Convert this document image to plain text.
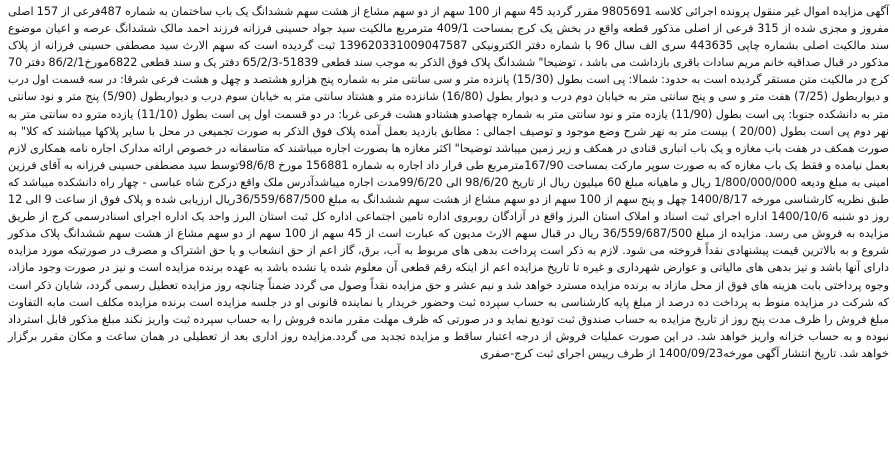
آگهی مزایده اموال غیر منقول پرونده اجرائی کلاسه 9805691 مقرر گردید 45 سهم از 100 سهم از دو سهم مشاع از هشت سهم ششدانگ یک باب ساختمان به شماره 487فرعی از 157 اصلی مفروز و مجزی شده از 315 فرعی از اصلی مذکور قطعه واقع در بخش یک کرج بمساحت 409/1 مترمربع مالکیت سید جواد حسینی فرزانه فرزند احمد مالک ششدانگ عرصه و اعیان موضوع سند مالکیت اصلی بشماره چاپی 443635 سری الف سال 96 با شماره دفتر الکترونیکی 139620331009047587 ثبت گردیده است که سهم الارث سید مصطفی حسینی فرزانه از پلاک مذکور در قبال صداقیه خانم مریم سادات باقری بازداشت می باشد ، توضیحا" ششدانگ پلاک فوق الذکر به موجب سند قطعی 51839-65/2/3 دفتر یک و سند قطعی 6822مورخ86/2/1 دفتر 70 کرج در مالکیت متن مستقر گردیده است به حدود: شمالا: پی است بطول (15/30) پانزده متر و سی سانتی متر به شماره پنج هزارو هشتصد و چهل و هشت فرعی شرقا: در سه قسمت اول درب و دیواربطول (7/25) هفت متر و سی و پنج سانتی متر به خیابان دوم درب و دیوار بطول (16/80) شانزده متر و هشتاد سانتی متر به خیابان سوم درب و دیواربطول (5/90) پنج متر و نود سانتی متر به دانشکده جنوبا: پی است بطول (11/90) یازده متر و نود سانتی متر به شماره چهاصدو هشتادو هشت فرعی غربا: در دو قسمت اول پی است بطول (11/10) یازده مترو ده سانتی متر به نهر دوم پی است بطول (20/00 ) بیست متر به نهر شرح وضع موجود و توصیف اجمالی : مطابق بازدید بعمل آمده پلاک فوق الذکر به صورت تجمیعی در محل با سایر پلاکها میباشند که کلا" به صورت همکف در هفت باب مغازه و یک باب انباری قنادی در همکف و زیر زمین میباشد توضیحا" اکثر مغازه ها بصورت اجاره میباشند که متاسفانه در خصوص ارائه مدارک اجاره نامه همکاری لازم بعمل نیامده و فقط یک باب مغازه که به صورت سوپر مارکت بمساحت 167/90مترمربع طی قرار داد اجاره به شماره 156881 مورخ 98/6/8توسط سید مصطفی حسینی فرزانه به آقای فرزین امینی به مبلغ ودیعه 1/800/000/000 ریال و ماهیانه مبلغ 60 میلیون ریال از تاریخ 98/6/20 الی 99/6/20مدت اجاره میباشدآدرس ملک واقع درکرج شاه عباسی - چهار راه دانشکده میباشد که طبق نظریه کارشناسی مورخه 1400/8/17 چهل و پنج سهم از 100 سهم از دو سهم مشاع از هشت سهم ششدانگ به مبلغ 36/559/687/500ریال ارزیابی شده و پلاک فوق از ساعت 9 الی 12 روز دو شنبه 1400/10/6 اداره اجرای ثبت اسناد و املاک استان البرز واقع در آزادگان روبروی اداره تامین اجتماعی اداره کل ثبت استان البرز واحد یک اداره اجرای اسنادرسمی کرج از طریق مزایده به فروش می رسد. مزایده از مبلغ 36/559/687/500 ریال در قبال سهم الارث مدیون که عبارت است از 45 سهم از 100 سهم از دو سهم مشاع از هشت سهم ششدانگ پلاک مذکور شروع و به بالاترین قیمت پیشنهادی نقداً فروخته می شود. لازم به ذکر است پرداخت بدهی های مربوط به آب، برق، گاز اعم از حق انشعاب و یا حق اشتراک و مصرف در صورتیکه مورد مزایده دارای آنها باشد و نیز بدهی های مالیاتی و عوارض شهرداری و غیره تا تاریخ مزایده اعم از اینکه رقم قطعی آن معلوم شده یا نشده باشد به عهده برنده مزایده است و نیز در صورت وجود مازاد، وجوه پرداختی بابت هزینه های فوق از محل مازاد به برنده مزایده مسترد خواهد شد و نیم عشر و حق مزایده نقداً وصول می گردد ضمناً چنانچه روز مزایده تعطیل رسمی گردد، شایان ذکر است که شرکت در مزایده منوط به پرداخت ده درصد از مبلغ پایه کارشناسی به حساب سپرده ثبت وحضور خریدار یا نماینده قانونی او در جلسه مزایده است برنده مزایده مکلف است مابه التفاوت مبلغ فروش را ظرف مدت پنج روز از تاریخ مزایده به حساب صندوق ثبت تودیع نماید و در صورتی که ظرف مهلت مقرر مانده فروش را به حساب سپرده ثبت واریز نکند مبلغ مذکور قابل استرداد نبوده و به حساب خزانه واریز خواهد شد. در این صورت عملیات فروش از درجه اعتبار ساقط و مزایده تجدید می گردد.مزایده روز اداری بعد از تعطیلی در همان ساعت و مکان مقرر برگزار خواهد شد. تاریخ انتشار آگهی مورخه1400/09/23 از طرف رییس اجرای ثبت کرج-صفری
